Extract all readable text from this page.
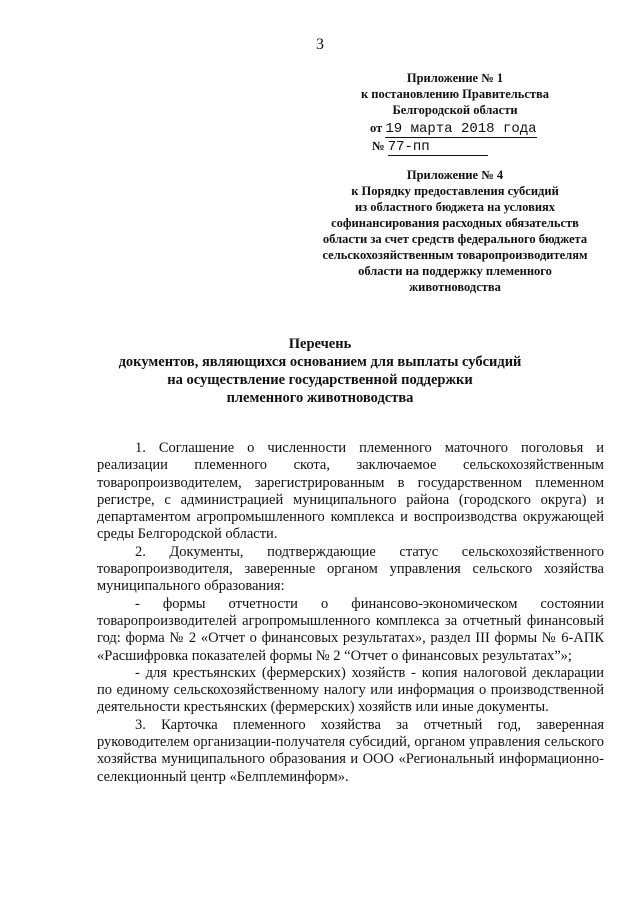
3
Приложение № 1
к постановлению Правительства
Белгородской области
от 19 марта 2018 года
№ 77-пп
Приложение № 4
к Порядку предоставления субсидий
из областного бюджета на условиях
софинансирования расходных обязательств
области за счет средств федерального бюджета
сельскохозяйственным товаропроизводителям
области на поддержку племенного
животноводства
Перечень
документов, являющихся основанием для выплаты субсидий
на осуществление государственной поддержки
племенного животноводства

1. Соглашение о численности племенного маточного поголовья и реализации племенного скота, заключаемое сельскохозяйственным товаропроизводителем, зарегистрированным в государственном племенном регистре, с администрацией муниципального района (городского округа) и департаментом агропромышленного комплекса и воспроизводства окружающей среды Белгородской области.

2. Документы, подтверждающие статус сельскохозяйственного товаропроизводителя, заверенные органом управления сельского хозяйства муниципального образования:

- формы отчетности о финансово-экономическом состоянии товаропроизводителей агропромышленного комплекса за отчетный финансовый год: форма № 2 «Отчет о финансовых результатах», раздел III формы № 6-АПК «Расшифровка показателей формы № 2 “Отчет о финансовых результатах”»;

- для крестьянских (фермерских) хозяйств - копия налоговой декларации по единому сельскохозяйственному налогу или информация о производственной деятельности крестьянских (фермерских) хозяйств или иные документы.

3. Карточка племенного хозяйства за отчетный год, заверенная руководителем организации-получателя субсидий, органом управления сельского хозяйства муниципального образования и ООО «Региональный информационно-селекционный центр «Белплеминформ».
